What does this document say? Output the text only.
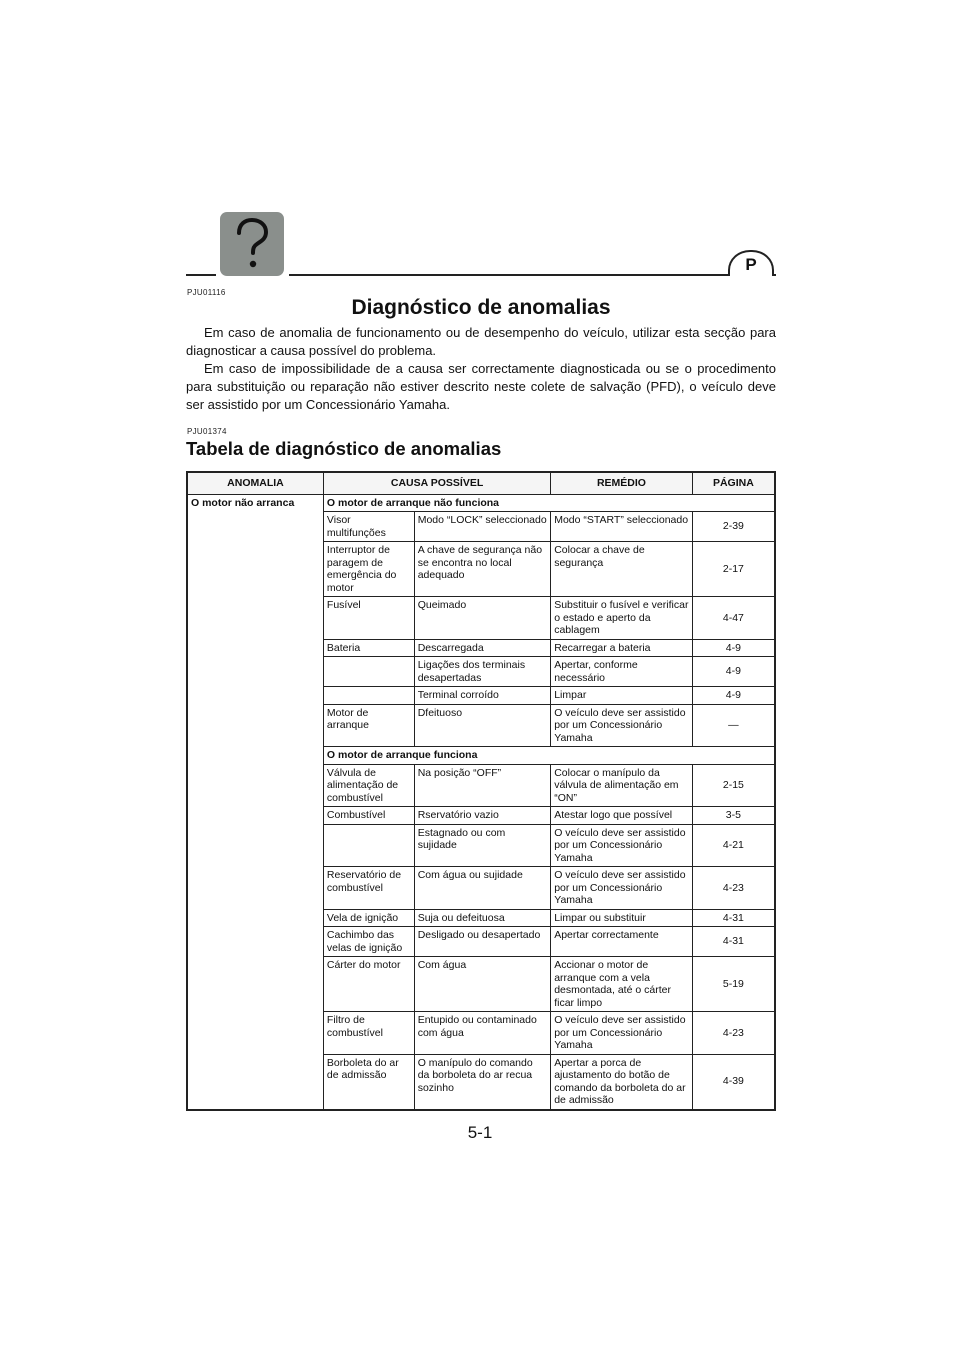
P
PJU01116
Diagnóstico de anomalias

Em caso de anomalia de funcionamento ou de desempenho do veículo, utilizar esta secção para diagnosticar a causa possível do problema.

Em caso de impossibilidade de a causa ser correctamente diagnosticada ou se o procedimento para substituição ou reparação não estiver descrito neste colete de salvação (PFD), o veículo deve ser assistido por um Concessionário Yamaha.

PJU01374
Tabela de diagnóstico de anomalias
ANOMALIA	CAUSA POSSÍVEL		REMÉDIO	PÁGINA
O motor não arranca	O motor de arranque não funciona			
	Visor multifunções	Modo “LOCK” seleccionado	Modo “START” seleccionado	2-39
	Interruptor de paragem de emergência do motor	A chave de segurança não se encontra no local adequado	Colocar a chave de segurança	2-17
	Fusível	Queimado	Substituir o fusível e verificar o estado e aperto da cablagem	4-47
	Bateria	Descarregada	Recarregar a bateria	4-9
		Ligações dos terminais desapertadas	Apertar, conforme necessário	4-9
		Terminal corroído	Limpar	4-9
	Motor de arranque	Dfeituoso	O veículo deve ser assistido por um Concessionário Yamaha	—
	O motor de arranque funciona			
	Válvula de alimentação de combustível	Na posição “OFF”	Colocar o manípulo da válvula de alimentação em “ON”	2-15
	Combustível	Rservatório vazio	Atestar logo que possível	3-5
		Estagnado ou com sujidade	O veículo deve ser assistido por um Concessionário Yamaha	4-21
	Reservatório de combustível	Com água ou sujidade	O veículo deve ser assistido por um Concessionário Yamaha	4-23
	Vela de ignição	Suja ou defeituosa	Limpar ou substituir	4-31
	Cachimbo das velas de ignição	Desligado ou desapertado	Apertar correctamente	4-31
	Cárter do motor	Com água	Accionar o motor de arranque com a vela desmontada, até o cárter ficar limpo	5-19
	Filtro de combustível	Entupido ou contaminado com água	O veículo deve ser assistido por um Concessionário Yamaha	4-23
	Borboleta do ar de admissão	O manípulo do comando da borboleta do ar recua sozinho	Apertar a porca de ajustamento do botão de comando da borboleta do ar de admissão	4-39
5-1
